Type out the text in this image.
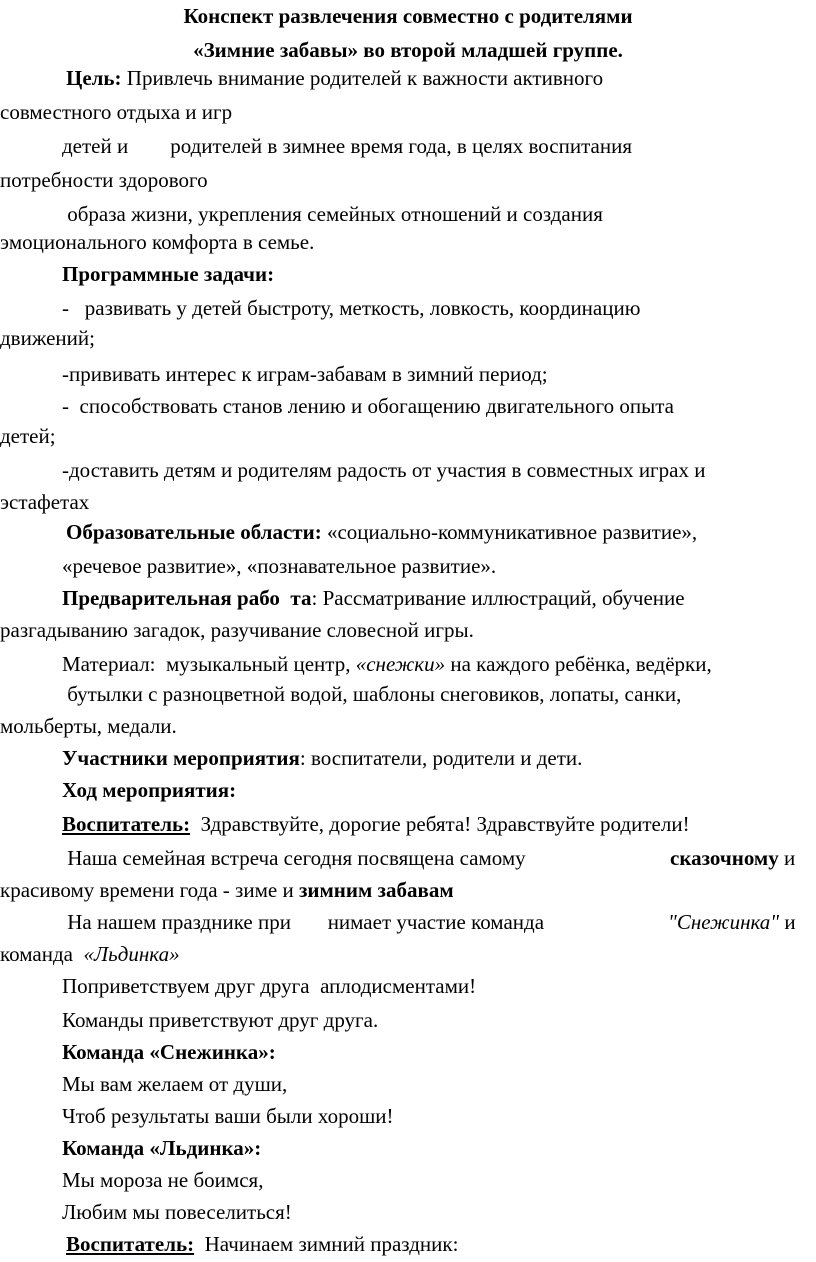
Конспект развлечения совместно с родителями
«Зимние забавы» во второй младшей группе.
Цель: Привлечь внимание родителей к важности активного
совместного отдыха и игр
детей и        родителей в зимнее время года, в целях воспитания
потребности здорового
образа жизни, укрепления семейных отношений и создания
эмоционального комфорта в семье.
Программные задачи:
-   развивать у детей быстроту, меткость, ловкость, координацию
движений;
-прививать интерес к играм-забавам в зимний период;
-  способствовать станов лению и обогащению двигательного опыта
детей;
-доставить детям и родителям радость от участия в совместных играх и
эстафетах
Образовательные области: «социально-коммуникативное развитие»,
«речевое развитие», «познавательное развитие».
Предварительная рабо  та: Рассматривание иллюстраций, обучение
разгадыванию загадок, разучивание словесной игры.
Материал:  музыкальный центр, «снежки» на каждого ребёнка, ведёрки,
бутылки с разноцветной водой, шаблоны снеговиков, лопаты, санки,
мольберты, медали.
Участники мероприятия: воспитатели, родители и дети.
Ход мероприятия:
Воспитатель:  Здравствуйте, дорогие ребята! Здравствуйте родители!
Наша семейная встреча сегодня посвящена самому	сказочному и
красивому времени года - зиме и зимним забавам
На нашем празднике при       нимает участие команда	"Снежинка" и
команда  «Льдинка»
Поприветствуем друг друга  аплодисментами!
Команды приветствуют друг друга.
Команда «Снежинка»:
Мы вам желаем от души,
Чтоб результаты ваши были хороши!
Команда «Льдинка»:
Мы мороза не боимся,
Любим мы повеселиться!
Воспитатель:  Начинаем зимний праздник:
